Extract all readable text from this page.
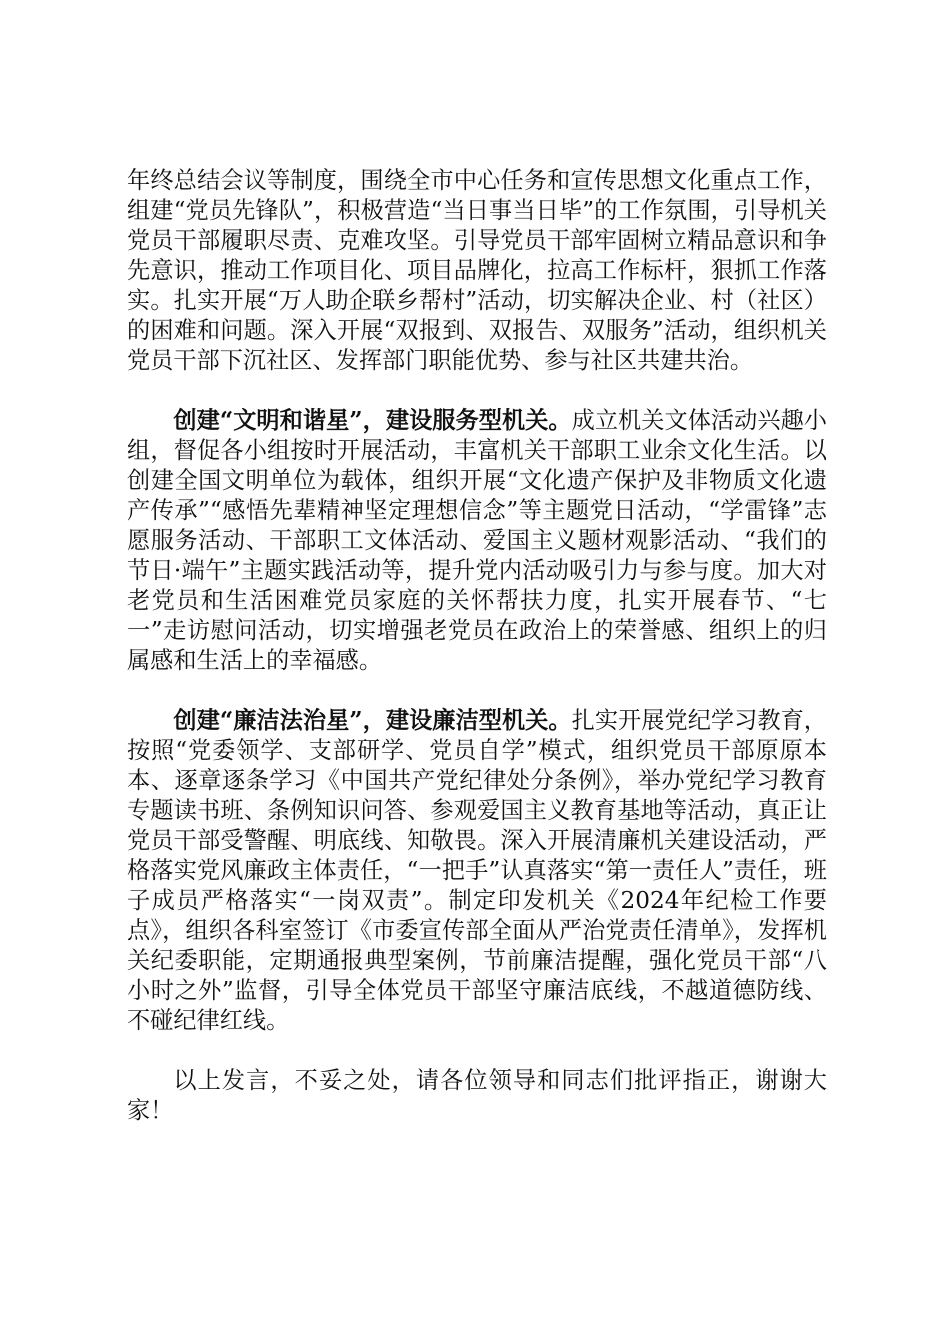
年终总结会议等制度，围绕全市中心任务和宣传思想文化重点工作，组建“党员先锋队”，积极营造“当日事当日毕”的工作氛围，引导机关党员干部履职尽责、克难攻坚。引导党员干部牢固树立精品意识和争先意识，推动工作项目化、项目品牌化，拉高工作标杆，狠抓工作落实。扎实开展“万人助企联乡帮村”活动，切实解决企业、村（社区）的困难和问题。深入开展“双报到、双报告、双服务”活动，组织机关党员干部下沉社区、发挥部门职能优势、参与社区共建共治。

创建“文明和谐星”，建设服务型机关。成立机关文体活动兴趣小组，督促各小组按时开展活动，丰富机关干部职工业余文化生活。以创建全国文明单位为载体，组织开展“文化遗产保护及非物质文化遗产传承”“感悟先辈精神坚定理想信念”等主题党日活动，“学雷锋”志愿服务活动、干部职工文体活动、爱国主义题材观影活动、“我们的节日·端午”主题实践活动等，提升党内活动吸引力与参与度。加大对老党员和生活困难党员家庭的关怀帮扶力度，扎实开展春节、“七一”走访慰问活动，切实增强老党员在政治上的荣誉感、组织上的归属感和生活上的幸福感。

创建“廉洁法治星”，建设廉洁型机关。扎实开展党纪学习教育，按照“党委领学、支部研学、党员自学”模式，组织党员干部原原本本、逐章逐条学习《中国共产党纪律处分条例》，举办党纪学习教育专题读书班、条例知识问答、参观爱国主义教育基地等活动，真正让党员干部受警醒、明底线、知敬畏。深入开展清廉机关建设活动，严格落实党风廉政主体责任，“一把手”认真落实“第一责任人”责任，班子成员严格落实“一岗双责”。制定印发机关《2024年纪检工作要点》，组织各科室签订《市委宣传部全面从严治党责任清单》，发挥机关纪委职能，定期通报典型案例，节前廉洁提醒，强化党员干部“八小时之外”监督，引导全体党员干部坚守廉洁底线，不越道德防线、不碰纪律红线。

以上发言，不妥之处，请各位领导和同志们批评指正，谢谢大家！
